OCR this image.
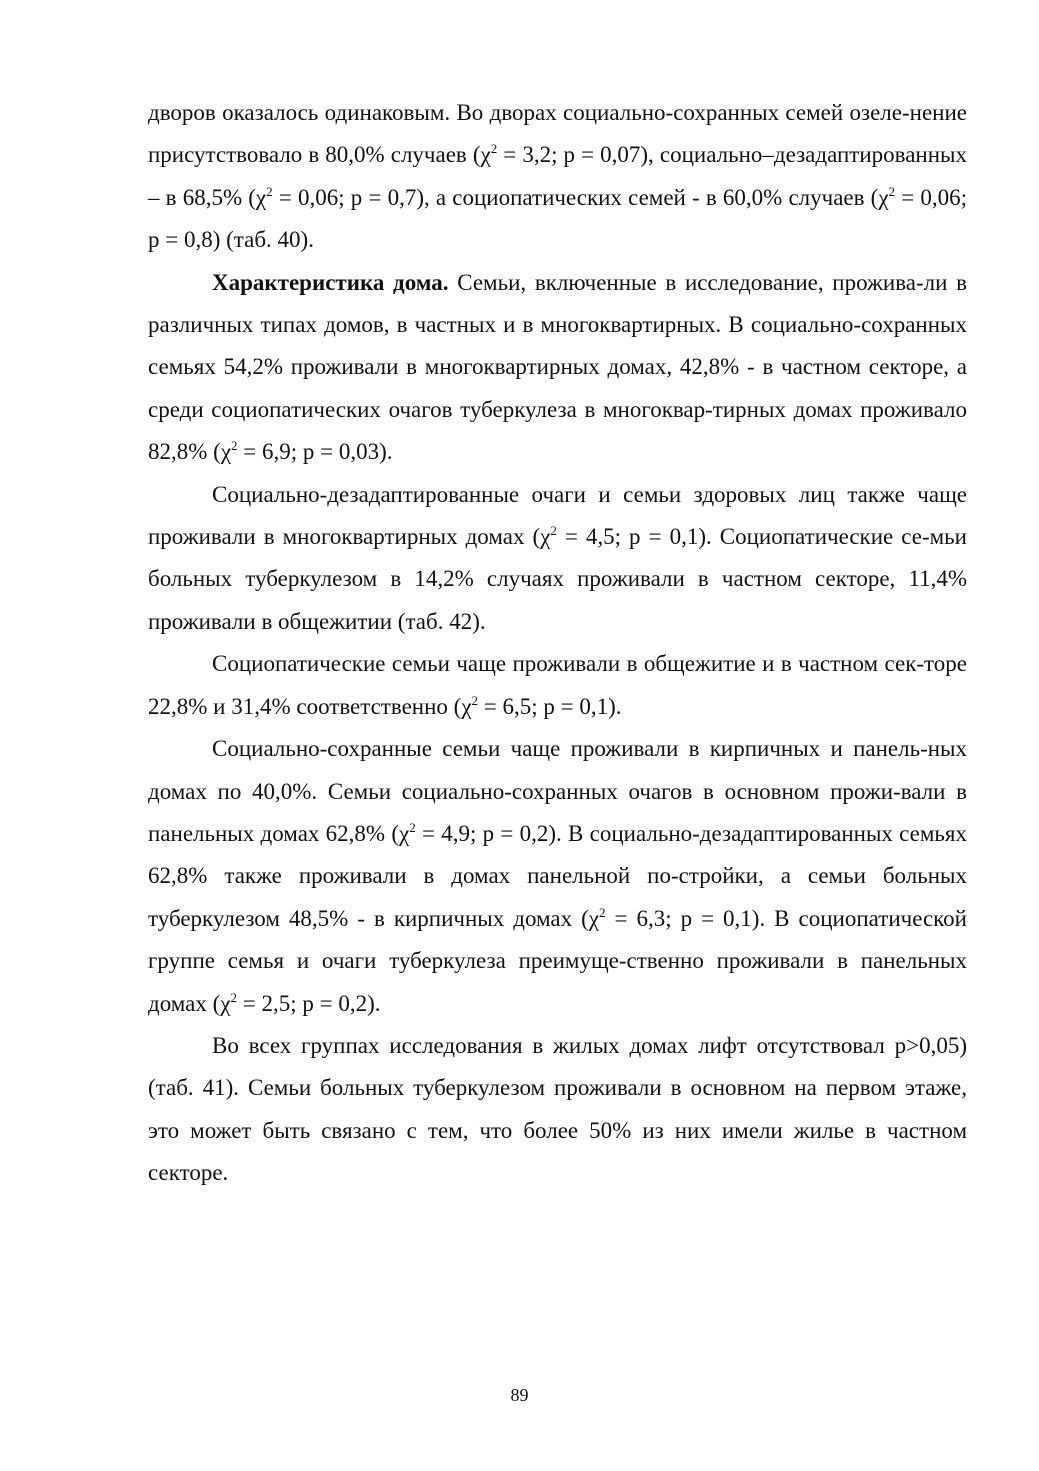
дворов оказалось одинаковым. Во дворах социально-сохранных семей озеле-нение присутствовало в 80,0% случаев ($\chi^2 = 3,2$; р = 0,07), социально–дезадаптированных – в 68,5% ($\chi^2 = 0,06$; р = 0,7), а социопатических семей - в 60,0% случаев ($\chi^2 = 0,06$; р = 0,8) (таб. 40).

Характеристика дома. Семьи, включенные в исследование, прожива-ли в различных типах домов, в частных и в многоквартирных. В социально-сохранных семьях 54,2% проживали в многоквартирных домах, 42,8% - в частном секторе, а среди социопатических очагов туберкулеза в многоквар-тирных домах проживало 82,8% ($\chi^2 = 6,9$; р = 0,03).

Социально-дезадаптированные очаги и семьи здоровых лиц также чаще проживали в многоквартирных домах ($\chi^2 = 4,5$; р = 0,1). Социопатические се-мьи больных туберкулезом в 14,2% случаях проживали в частном секторе, 11,4% проживали в общежитии (таб. 42).

Социопатические семьи чаще проживали в общежитие и в частном сек-торе 22,8% и 31,4% соответственно ($\chi^2 = 6,5$; р = 0,1).

Социально-сохранные семьи чаще проживали в кирпичных и панель-ных домах по 40,0%. Семьи социально-сохранных очагов в основном прожи-вали в панельных домах 62,8% ($\chi^2 = 4,9$; р = 0,2). В социально-дезадаптированных семьях 62,8% также проживали в домах панельной по-стройки, а семьи больных туберкулезом 48,5% - в кирпичных домах ($\chi^2 = 6,3$; р = 0,1). В социопатической группе семья и очаги туберкулеза преимуще-ственно проживали в панельных домах ($\chi^2 = 2,5$; р = 0,2).

Во всех группах исследования в жилых домах лифт отсутствовал р>0,05) (таб. 41). Семьи больных туберкулезом проживали в основном на первом этаже, это может быть связано с тем, что более 50% из них имели жилье в частном секторе.

89
